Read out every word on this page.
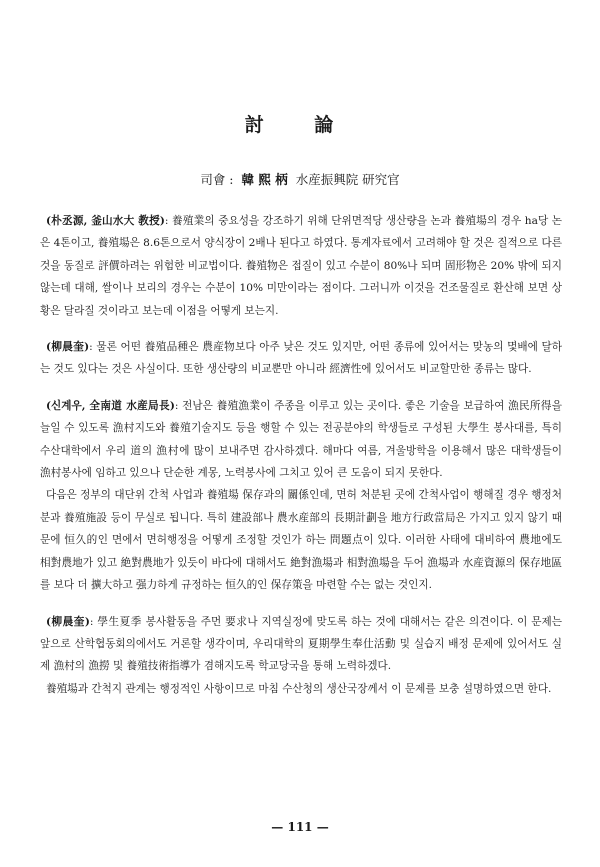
討 論
司會 : 韓 熙 柄 水産振興院 研究官

(朴丞源, 釜山水大 教授): 養殖業의 중요성을 강조하기 위해 단위면적당 생산량을 논과 養殖場의 경우 ha당 논은 4톤이고, 養殖場은 8.6톤으로서 양식장이 2배나 된다고 하였다. 통계자료에서 고려해야 할 것은 질적으로 다른 것을 동질로 評價하려는 위험한 비교법이다. 養殖物은 접질이 있고 수분이 80%나 되며 固形物은 20% 밖에 되지않는데 대해, 쌀이나 보리의 경우는 수분이 10% 미만이라는 점이다. 그러니까 이것을 건조물질로 환산해 보면 상황은 달라질 것이라고 보는데 이점을 어떻게 보는지.

(柳晨奎): 물론 어떤 養殖品種은 農産物보다 아주 낮은 것도 있지만, 어떤 종류에 있어서는 맞농의 몇배에 달하는 것도 있다는 것은 사실이다. 또한 생산량의 비교뿐만 아니라 經濟性에 있어서도 비교할만한 종류는 많다.

(신계우, 全南道 水産局長): 전남은 養殖漁業이 주종을 이루고 있는 곳이다. 좋은 기술을 보급하여 漁民所得을 늘일 수 있도록 漁村지도와 養殖기술지도 등을 행할 수 있는 전공분야의 학생들로 구성된 大學生 봉사대를, 특히 수산대학에서 우리 道의 漁村에 많이 보내주면 감사하겠다. 해마다 여름, 겨울방학을 이용해서 많은 대학생들이 漁村봉사에 임하고 있으나 단순한 계몽, 노력봉사에 그치고 있어 큰 도움이 되지 못한다.

다음은 정부의 대단위 간척 사업과 養殖場 保存과의 關係인데, 면허 처분된 곳에 간척사업이 행해질 경우 행정처분과 養殖施設 등이 무실로 됩니다. 특히 建設部나 農水産部의 長期計劃을 地方行政當局은 가지고 있지 않기 때문에 恒久的인 면에서 면허행정을 어떻게 조정할 것인가 하는 問題点이 있다. 이러한 사태에 대비하여 農地에도 相對農地가 있고 絶對農地가 있듯이 바다에 대해서도 絶對漁場과 相對漁場을 두어 漁場과 水産資源의 保存地區를 보다 더 擴大하고 强力하게 규정하는 恒久的인 保存策을 마련할 수는 없는 것인지.

(柳晨奎): 學生夏季 봉사활동을 주먼 要求나 지역실정에 맞도록 하는 것에 대해서는 같은 의견이다. 이 문제는 앞으로 산학협동회의에서도 거론할 생각이며, 우리대학의 夏期學生奉仕活動 및 실습지 배정 문제에 있어서도 실제 漁村의 漁撈 및 養殖技術指導가 겸해지도록 학교당국을 통해 노력하겠다.

養殖場과 간척지 관계는 행정적인 사항이므로 마침 수산청의 생산국장께서 이 문제를 보충 설명하였으면 한다.

— 111 —
